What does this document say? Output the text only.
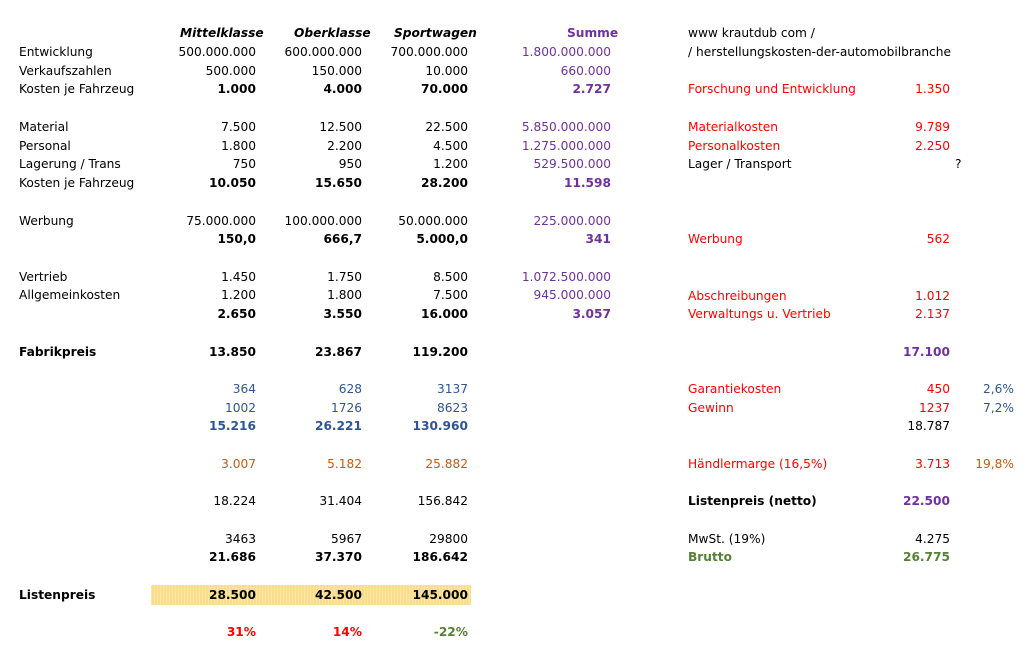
Mittelklasse Oberklasse Sportwagen	Summe	www krautdub com /
/ herstellungskosten-der-automobilbranche
Entwicklung	500.000.000 600.000.000 700.000.000	1.800.000.000
Verkaufszahlen	500.000	150.000	10.000	660.000
Kosten je Fahrzeug	1.000	4.000	70.000	2.727
Material	7.500	12.500	22.500	5.850.000.000
Personal	1.800	2.200	4.500	1.275.000.000
Lagerung / Trans	750	950	1.200	529.500.000
Kosten je Fahrzeug	10.050	15.650	28.200	11.598
Werbung	75.000.000 100.000.000	50.000.000	225.000.000
150,0	666,7	5.000,0	341
Vertrieb	1.450	1.750	8.500	1.072.500.000
Allgemeinkosten	1.200	1.800	7.500	945.000.000
2.650	3.550	16.000	3.057
Fabrikpreis	13.850	23.867	119.200
364	628	3137
1002	1726	8623
15.216	26.221	130.960
3.007	5.182	25.882
18.224	31.404	156.842
3463	5967	29800
21.686	37.370	186.642
Listenpreis	28.500	42.500	145.000
31%	14%	-22%
Forschung und Entwicklung	1.350
Materialkosten	9.789
Personalkosten	2.250
Lager / Transport	?
Werbung	562
Abschreibungen	1.012
Verwaltungs u. Vertrieb	2.137
17.100
Garantiekosten	450	2,6%
Gewinn	1237	7,2%
18.787
Händlermarge (16,5%)	3.713 19,8%
Listenpreis (netto)	22.500
MwSt. (19%)	4.275
Brutto	26.775
